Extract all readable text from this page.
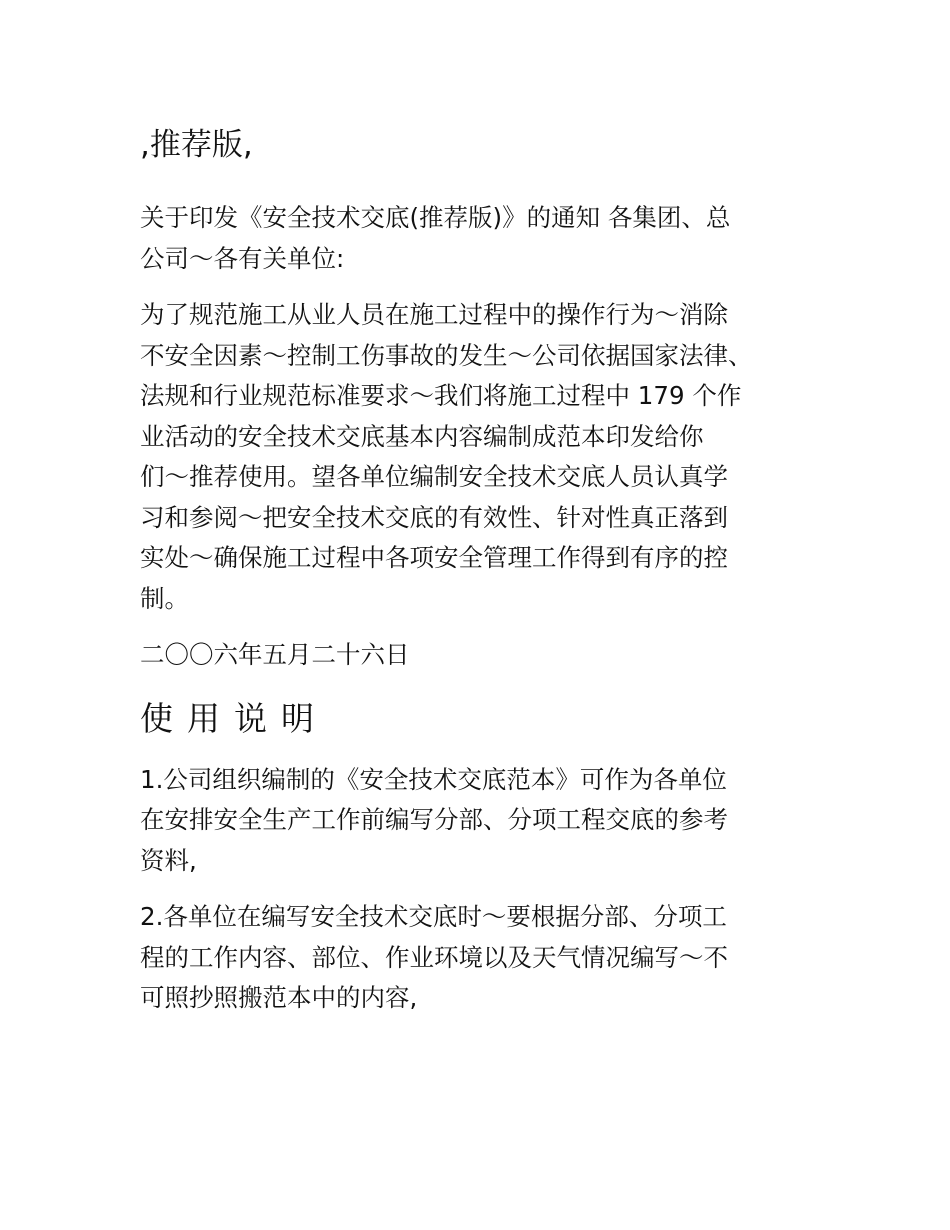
,推荐版,
关于印发《安全技术交底(推荐版)》的通知 各集团、总
公司～各有关单位:
为了规范施工从业人员在施工过程中的操作行为～消除
不安全因素～控制工伤事故的发生～公司依据国家法律、
法规和行业规范标准要求～我们将施工过程中 179 个作
业活动的安全技术交底基本内容编制成范本印发给你
们～推荐使用。望各单位编制安全技术交底人员认真学
习和参阅～把安全技术交底的有效性、针对性真正落到
实处～确保施工过程中各项安全管理工作得到有序的控
制。
二〇〇六年五月二十六日
使用说明
1.公司组织编制的《安全技术交底范本》可作为各单位
在安排安全生产工作前编写分部、分项工程交底的参考
资料,
2.各单位在编写安全技术交底时～要根据分部、分项工
程的工作内容、部位、作业环境以及天气情况编写～不
可照抄照搬范本中的内容,
